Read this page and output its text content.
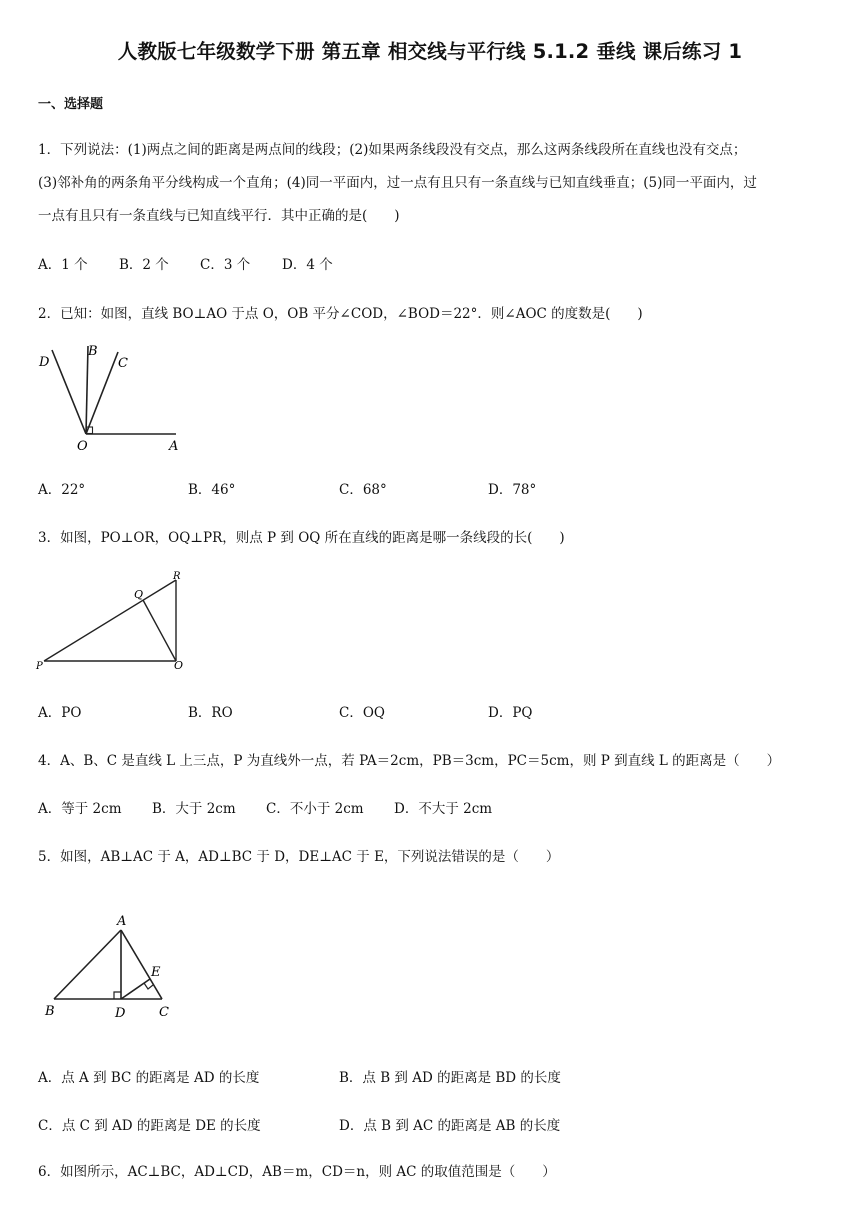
人教版七年级数学下册 第五章 相交线与平行线 5.1.2 垂线 课后练习 1
一、选择题
1．下列说法：(1)两点之间的距离是两点间的线段；(2)如果两条线段没有交点，那么这两条线段所在直线也没有交点；
(3)邻补角的两条角平分线构成一个直角；(4)同一平面内，过一点有且只有一条直线与已知直线垂直；(5)同一平面内，过
一点有且只有一条直线与已知直线平行．其中正确的是(　　)
A．1 个 B．2 个 C．3 个 D．4 个
2．已知：如图，直线 BO⊥AO 于点 O，OB 平分∠COD，∠BOD＝22°．则∠AOC 的度数是(　　)
D
B
C
O	A
A．22°	B．46°	C．68°	D．78°
3．如图，PO⊥OR，OQ⊥PR，则点 P 到 OQ 所在直线的距离是哪一条线段的长(　　)
R
Q
P	O
A．PO	B．RO	C．OQ	D．PQ
4．A、B、C 是直线 L 上三点，P 为直线外一点，若 PA＝2cm，PB＝3cm，PC＝5cm，则 P 到直线 L 的距离是（　　）
A．等于 2cm B．大于 2cm C．不小于 2cm D．不大于 2cm
5．如图，AB⊥AC 于 A，AD⊥BC 于 D，DE⊥AC 于 E，下列说法错误的是（　　）
A
E
B	D	C
A．点 A 到 BC 的距离是 AD 的长度	B．点 B 到 AD 的距离是 BD 的长度
C．点 C 到 AD 的距离是 DE 的长度	D．点 B 到 AC 的距离是 AB 的长度
6．如图所示，AC⊥BC，AD⊥CD，AB＝m，CD＝n，则 AC 的取值范围是（　　）
